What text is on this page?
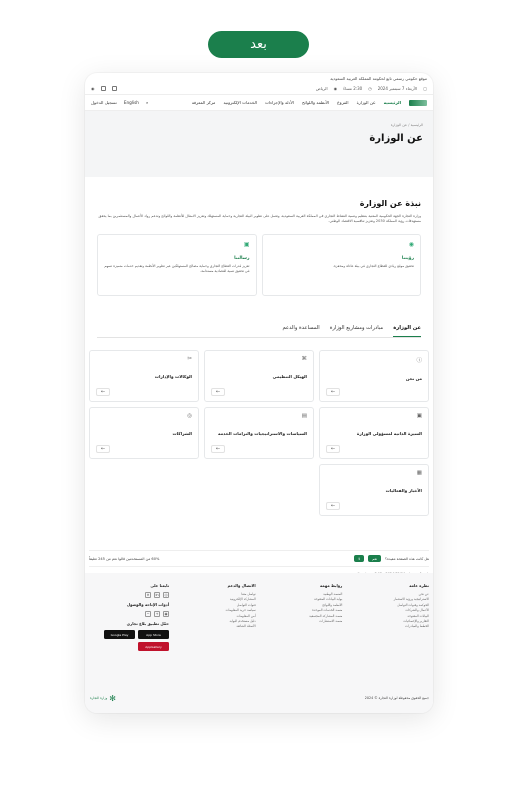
بعد
موقع حكومي رسمي تابع لحكومة المملكة العربية السعودية
▢
الأربعاء 7 سبتمبر 2024
◷
2:30 مساءً
◉
الرياض
◉
الرئيسية
عن الوزارة
الفروع
الأنظمة واللوائح
الأدلة والإجراءات
الخدمات الإلكترونية
مركز المعرفة
⌕
English
تسجيل الدخول
الرئيسية / عن الوزارة
عن الوزارة
نبذة عن الوزارة

وزارة التجارة الجهة الحكومية المعنية بتنظيم وتنمية النشاط التجاري في المملكة العربية السعودية، وتعمل على تطوير البيئة التجارية وحماية المستهلك وتعزيز الامتثال للأنظمة واللوائح وتدعم رواد الأعمال والمستثمرين بما يحقق مستهدفات رؤية المملكة 2030 وتعزيز تنافسية الاقتصاد الوطني.

◉
رؤيتنا
تحقيق موقع ريادي للقطاع التجاري في بيئة عادلة ومحفزة.
▣
رسالتنا
تعزيز قدرات القطاع التجاري وحماية مصالح المستهلكين عبر تطوير الأنظمة وتقديم خدمات متميزة تسهم في تحقيق تنمية اقتصادية مستدامة.
عن الوزارة
مبادرات ومشاريع الوزارة
المساعدة والدعم
ⓘ
من نحن
←
⌘
الهيكل التنظيمي
←
✂
الوكالات والإدارات
←
▣
السيرة الذاتية لمسؤولي الوزارة
←
▤
السياسات والاستراتيجيات والتزامات الخدمة
←
◎
الشراكات
←
▦
الأخبار والفعاليات
←
هل كانت هذه الصفحة مفيدة؟
نعم
لا
60% من المستخدمين قالوا نعم من 245 تعليقاً
نظرة عامة
عن نحن
الاستراتيجية ورؤية الاستثمار
الحوكمة وقنوات التواصل
الأعمال والشركات
البيانات المفتوحة
التقارير والإحصائيات
الخطط والمبادرات
روابط مهمة
المنصة الوطنية
بوابة البيانات المفتوحة
الأنظمة واللوائح
منصة الخدمات الموحدة
منصة المشاركة المجتمعية
منصة الاستشارات
الاتصال والدعم
تواصل معنا
المشاركة الإلكترونية
قنوات التواصل
سياسة حرية المعلومات
أمن المعلومات
دليل مستخدم البوابة
الأسئلة الشائعة
تابعنا على
◎
in
✕
أدوات الإتاحة والوصول
◉
+
−
حمّل تطبيق بلاغ تجاري
App Store
Google Play
AppGallery
جميع الحقوق محفوظة لوزارة التجارة © 2024
✻
وزارة التجارة
